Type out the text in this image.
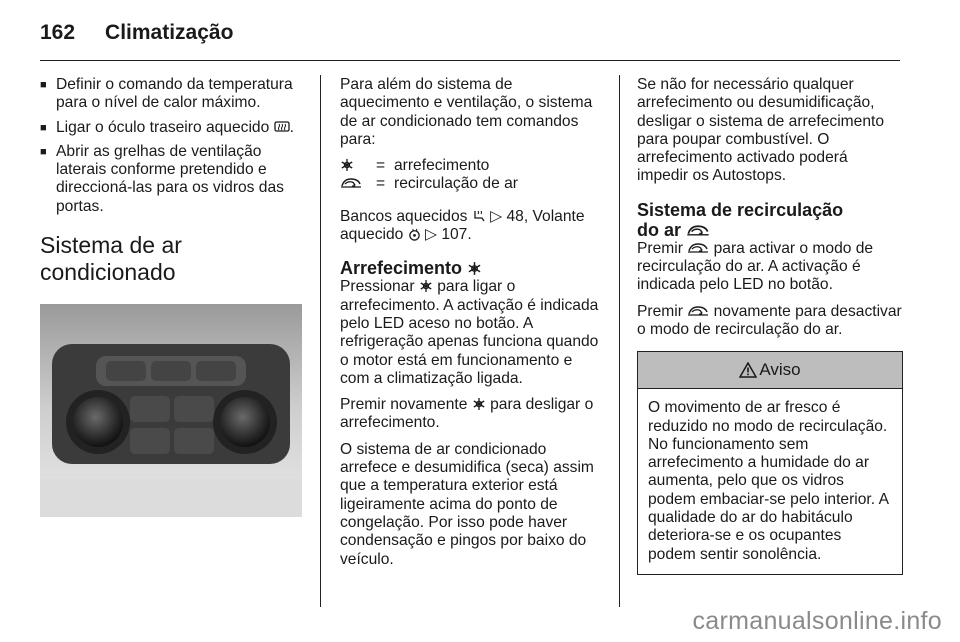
162 Climatização
■ Definir o comando da temperatura para o nível de calor máximo.
■ Ligar o óculo traseiro aquecido .
■ Abrir as grelhas de ventilação laterais conforme pretendido e direccioná-las para os vidros das portas.
Sistema de ar condicionado

Para além do sistema de aquecimento e ventilação, o sistema de ar condicionado tem comandos para:

= arrefecimento
= recirculação de ar

Bancos aquecidos ▷ 48, Volante
aquecido ▷ 107.

Arrefecimento

Pressionar para ligar o arrefecimento. A activação é indicada pelo LED aceso no botão. A refrigeração apenas funciona quando o motor está em funcionamento e com a climatização ligada.

Premir novamente para desligar o arrefecimento.

O sistema de ar condicionado arrefece e desumidifica (seca) assim que a temperatura exterior está ligeiramente acima do ponto de congelação. Por isso pode haver condensação e pingos por baixo do veículo.

Se não for necessário qualquer arrefecimento ou desumidificação, desligar o sistema de arrefecimento para poupar combustível. O arrefecimento activado poderá impedir os Autostops.

Sistema de recirculação do ar

Premir para activar o modo de recirculação do ar. A activação é indicada pelo LED no botão.

Premir novamente para desactivar o modo de recirculação do ar.

Aviso
O movimento de ar fresco é reduzido no modo de recirculação. No funcionamento sem arrefecimento a humidade do ar aumenta, pelo que os vidros podem embaciar-se pelo interior. A qualidade do ar do habitáculo deteriora-se e os ocupantes podem sentir sonolência.
carmanualsonline.info
